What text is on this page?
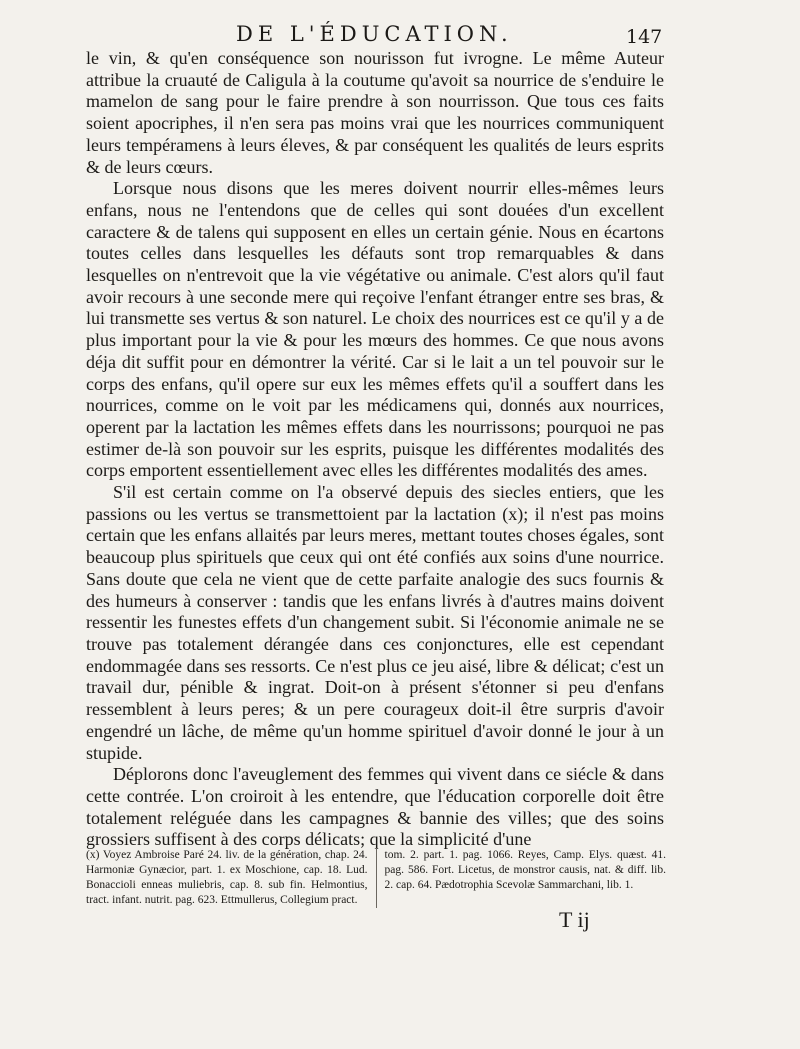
DE L'ÉDUCATION.	147

le vin, & qu'en conséquence son nourisson fut ivrogne. Le même Auteur attribue la cruauté de Caligula à la coutume qu'avoit sa nourrice de s'enduire le mamelon de sang pour le faire prendre à son nourrisson. Que tous ces faits soient apocriphes, il n'en sera pas moins vrai que les nourrices communiquent leurs tempéramens à leurs éleves, & par conséquent les qualités de leurs esprits & de leurs cœurs.

Lorsque nous disons que les meres doivent nourrir elles-mêmes leurs enfans, nous ne l'entendons que de celles qui sont douées d'un excellent caractere & de talens qui supposent en elles un certain génie. Nous en écartons toutes celles dans lesquelles les défauts sont trop remarquables & dans lesquelles on n'entrevoit que la vie végétative ou animale. C'est alors qu'il faut avoir recours à une seconde mere qui reçoive l'enfant étranger entre ses bras, & lui transmette ses vertus & son naturel. Le choix des nourrices est ce qu'il y a de plus important pour la vie & pour les mœurs des hommes. Ce que nous avons déja dit suffit pour en démontrer la vérité. Car si le lait a un tel pouvoir sur le corps des enfans, qu'il opere sur eux les mêmes effets qu'il a souffert dans les nourrices, comme on le voit par les médicamens qui, donnés aux nourrices, operent par la lactation les mêmes effets dans les nourrissons; pourquoi ne pas estimer de-là son pouvoir sur les esprits, puisque les différentes modalités des corps emportent essentiellement avec elles les différentes modalités des ames.

S'il est certain comme on l'a observé depuis des siecles entiers, que les passions ou les vertus se transmettoient par la lactation (x); il n'est pas moins certain que les enfans allaités par leurs meres, mettant toutes choses égales, sont beaucoup plus spirituels que ceux qui ont été confiés aux soins d'une nourrice. Sans doute que cela ne vient que de cette parfaite analogie des sucs fournis & des humeurs à conserver : tandis que les enfans livrés à d'autres mains doivent ressentir les funestes effets d'un changement subit. Si l'économie animale ne se trouve pas totalement dérangée dans ces conjonctures, elle est cependant endommagée dans ses ressorts. Ce n'est plus ce jeu aisé, libre & délicat; c'est un travail dur, pénible & ingrat. Doit-on à présent s'étonner si peu d'enfans ressemblent à leurs peres; & un pere courageux doit-il être surpris d'avoir engendré un lâche, de même qu'un homme spirituel d'avoir donné le jour à un stupide.

Déplorons donc l'aveuglement des femmes qui vivent dans ce siécle & dans cette contrée. L'on croiroit à les entendre, que l'éducation corporelle doit être totalement reléguée dans les campagnes & bannie des villes; que des soins grossiers suffisent à des corps délicats; que la simplicité d'une

(x) Voyez Ambroise Paré 24. liv. de la génération, chap. 24. Harmoniæ Gynæcior, part. 1. ex Moschione, cap. 18. Lud. Bonaccioli enneas muliebris, cap. 8. sub fin. Helmontius, tract. infant. nutrit. pag. 623. Ettmullerus, Collegium pract.
tom. 2. part. 1. pag. 1066. Reyes, Camp. Elys. quæst. 41. pag. 586. Fort. Licetus, de monstror causis, nat. & diff. lib. 2. cap. 64. Pædotrophia Scevolæ Sammarchani, lib. 1.
T ij
